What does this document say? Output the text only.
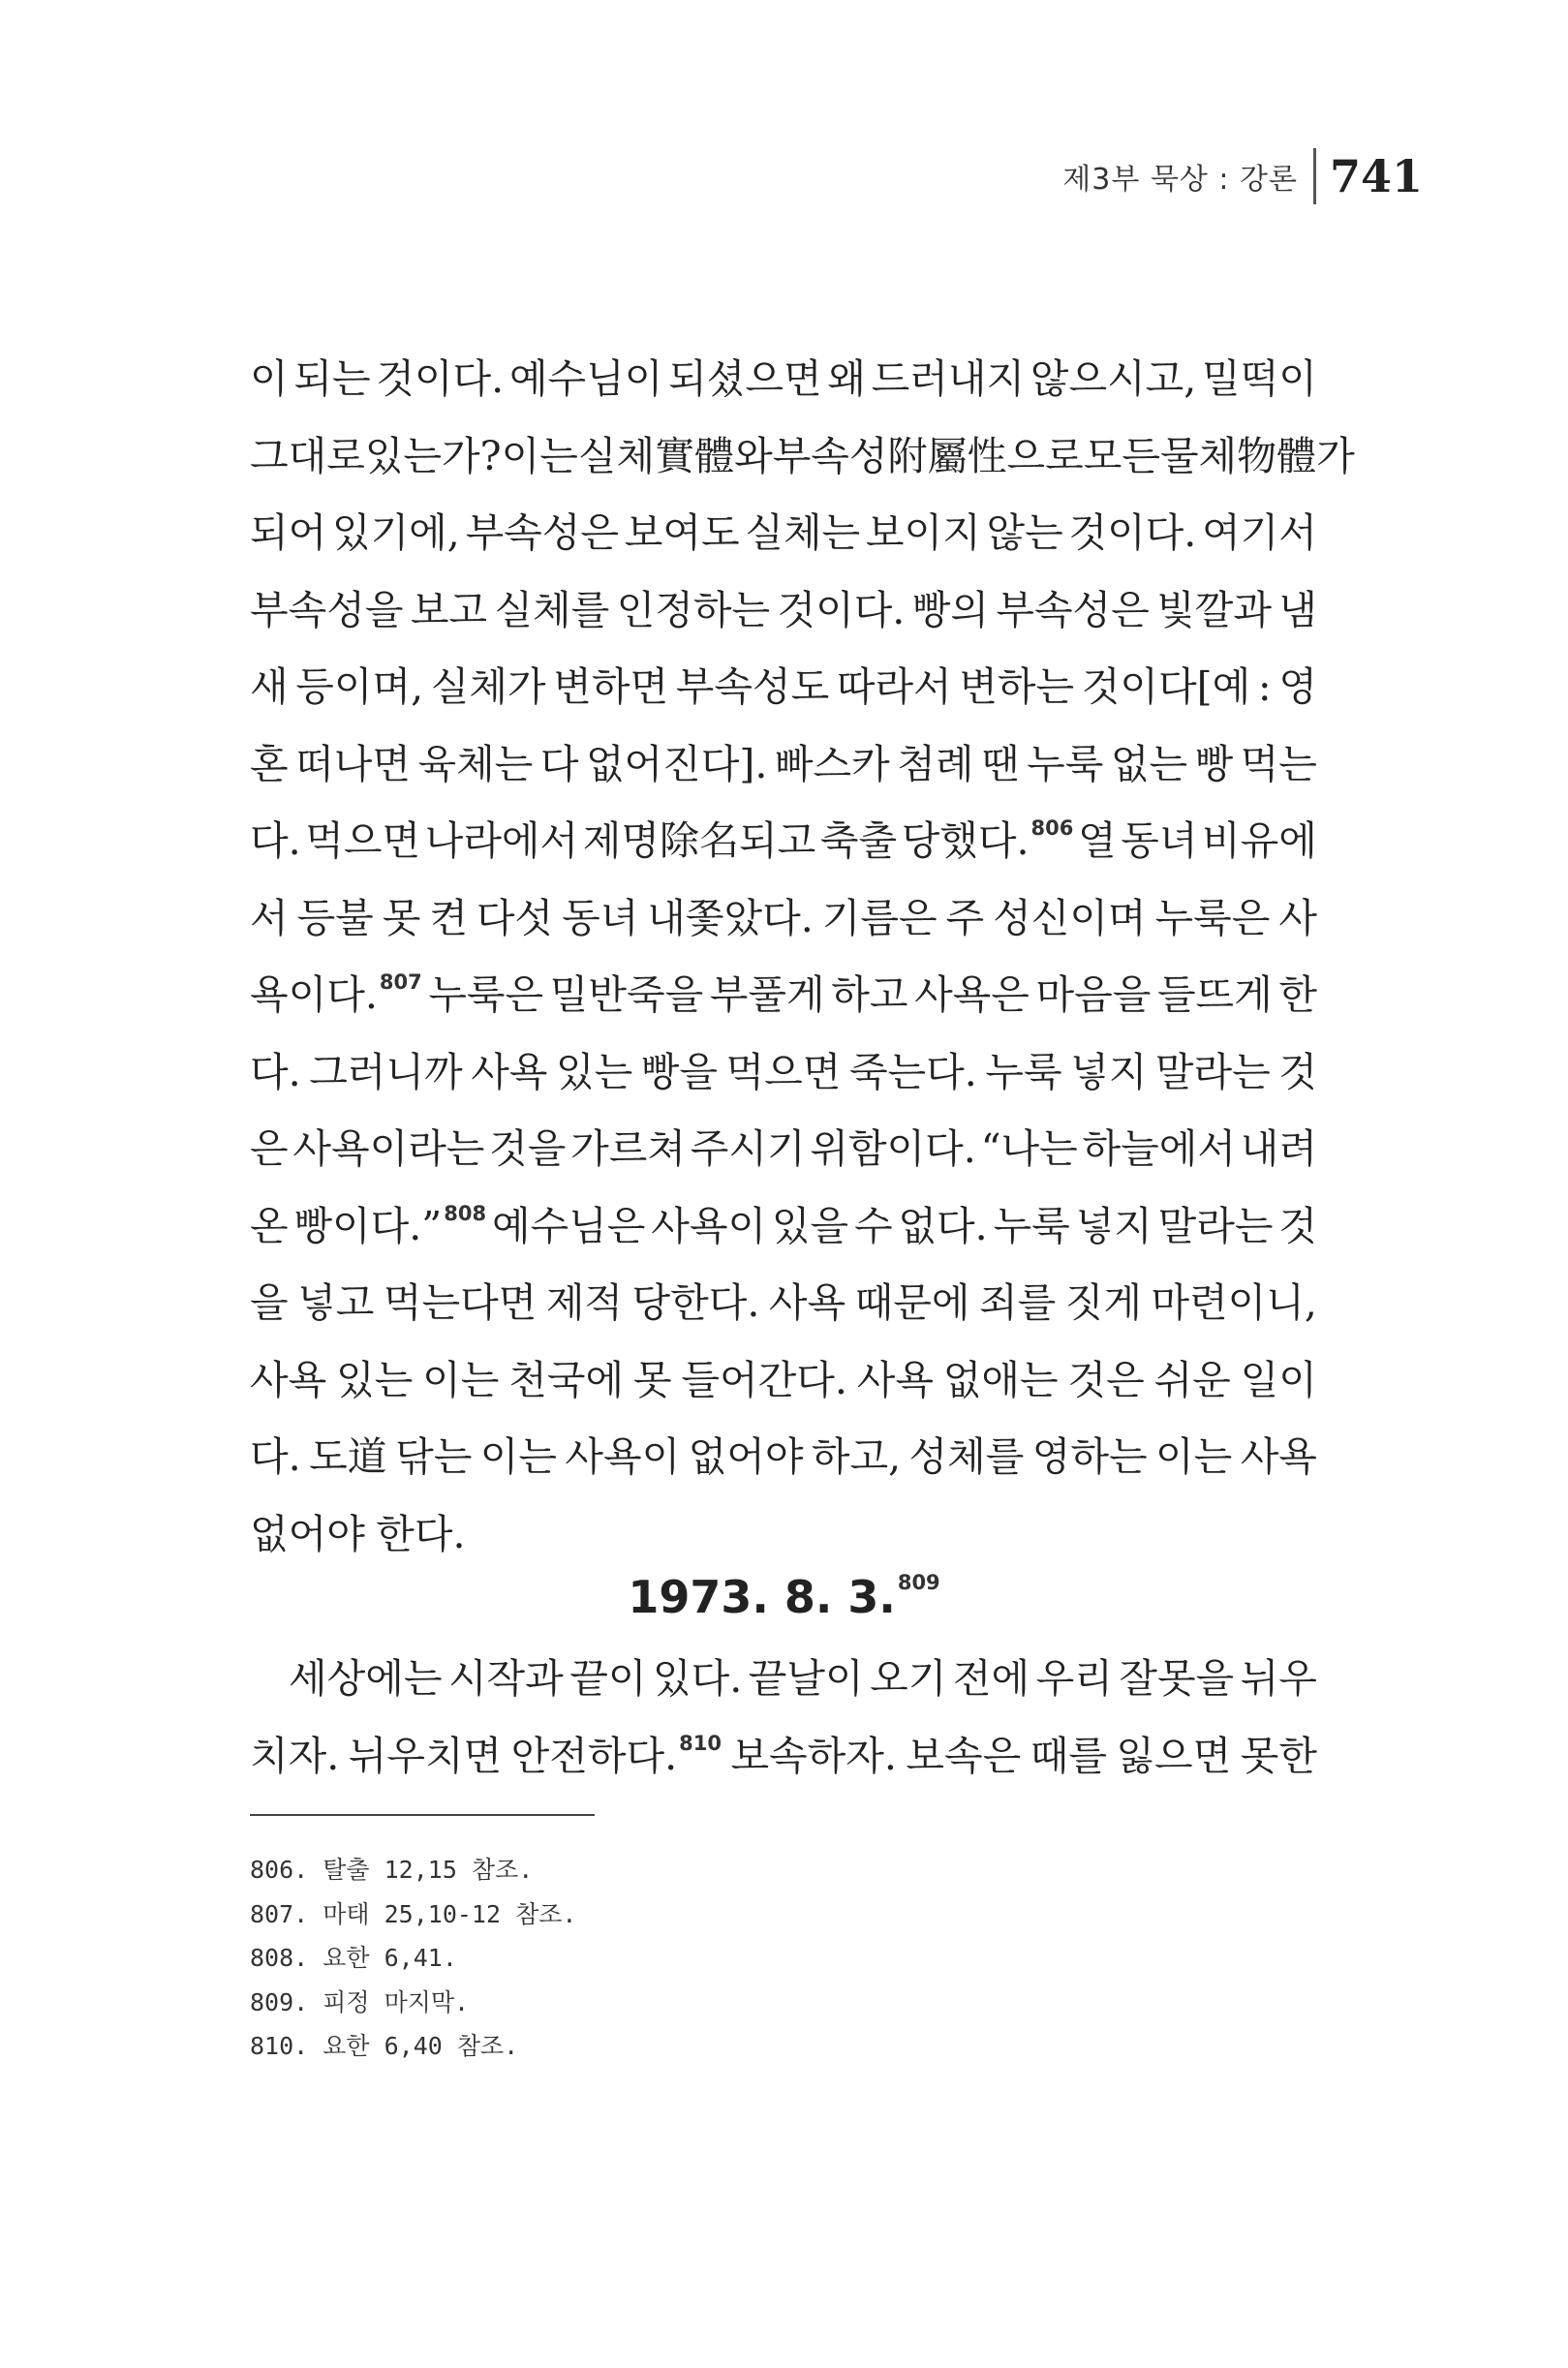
제3부 묵상 : 강론 741
이 되는 것이다. 예수님이 되셨으면 왜 드러내지 않으시고, 밀떡이
그대로 있는가? 이는 실체實體와 부속성附屬性으로 모든 물체物體가
되어 있기에, 부속성은 보여도 실체는 보이지 않는 것이다. 여기서
부속성을 보고 실체를 인정하는 것이다. 빵의 부속성은 빛깔과 냄
새 등이며, 실체가 변하면 부속성도 따라서 변하는 것이다[예 : 영
혼 떠나면 육체는 다 없어진다]. 빠스카 첨례 땐 누룩 없는 빵 먹는
다. 먹으면 나라에서 제명除名되고 축출 당했다.$^{806}$ 열 동녀 비유에
서 등불 못 켠 다섯 동녀 내쫓았다. 기름은 주 성신이며 누룩은 사
욕이다.$^{807}$ 누룩은 밀반죽을 부풀게 하고 사욕은 마음을 들뜨게 한
다. 그러니까 사욕 있는 빵을 먹으면 죽는다. 누룩 넣지 말라는 것
은 사욕이라는 것을 가르쳐 주시기 위함이다. “나는 하늘에서 내려
온 빵이다.”$^{808}$ 예수님은 사욕이 있을 수 없다. 누룩 넣지 말라는 것
을 넣고 먹는다면 제적 당한다. 사욕 때문에 죄를 짓게 마련이니,
사욕 있는 이는 천국에 못 들어간다. 사욕 없애는 것은 쉬운 일이
다. 도道 닦는 이는 사욕이 없어야 하고, 성체를 영하는 이는 사욕
없어야 한다.
1973. 8. 3.$^{809}$
세상에는 시작과 끝이 있다. 끝날이 오기 전에 우리 잘못을 뉘우
치자. 뉘우치면 안전하다.$^{810}$ 보속하자. 보속은 때를 잃으면 못한
806. 탈출 12,15 참조.
807. 마태 25,10-12 참조.
808. 요한 6,41.
809. 피정 마지막.
810. 요한 6,40 참조.
